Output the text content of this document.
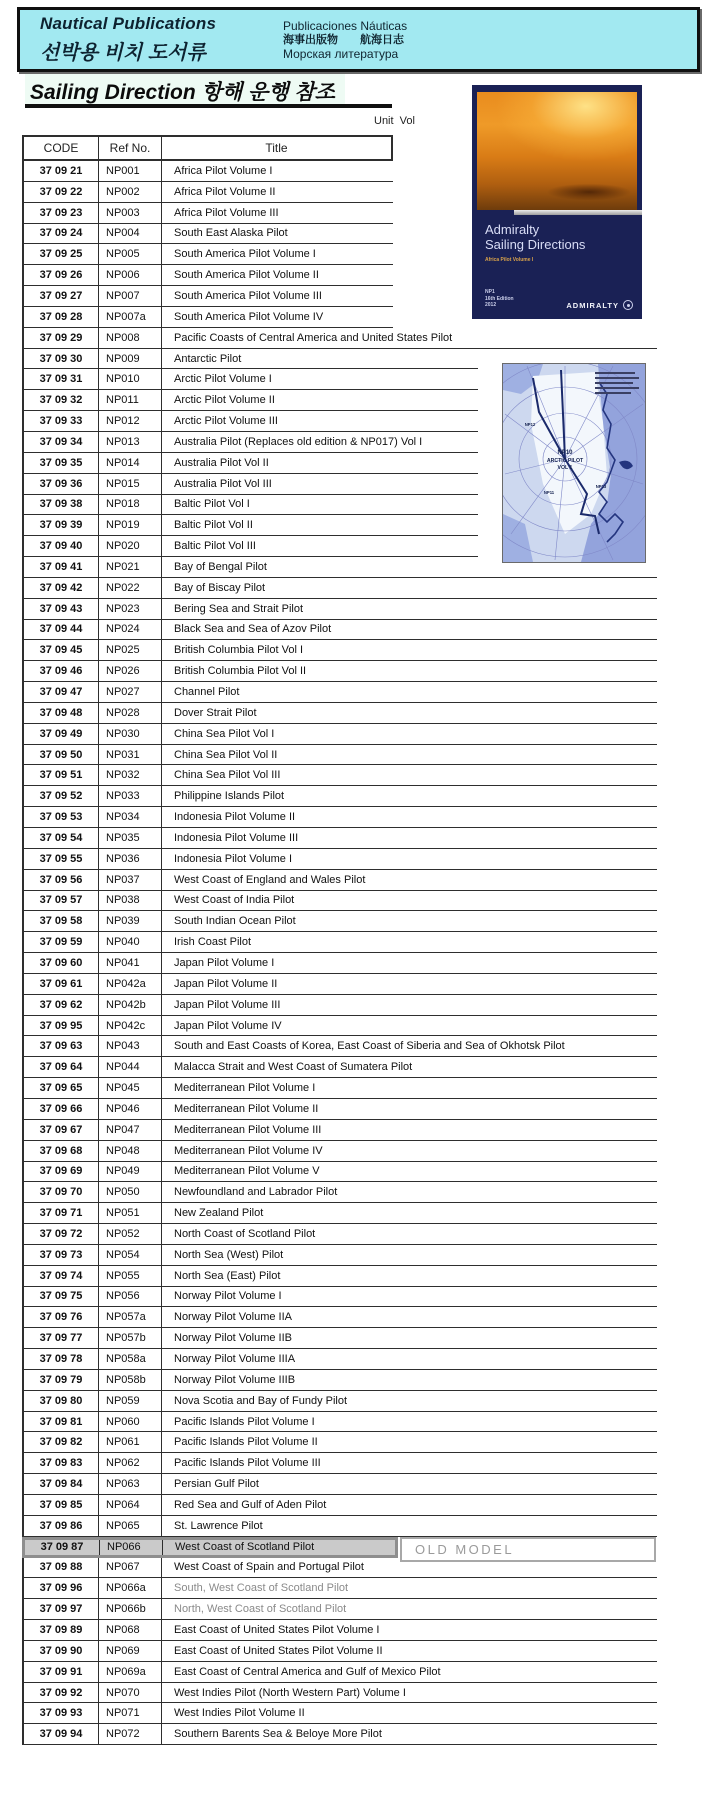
Nautical Publications
선박용 비치 도서류
Publicaciones Náuticas
海事出版物　　航海日志
Морская литература
Sailing Direction 항해 운행 참조
Unit  Vol
CODE	Ref No.	Title
37 09 21	NP001	Africa Pilot Volume I
37 09 22	NP002	Africa Pilot Volume II
37 09 23	NP003	Africa Pilot Volume III
37 09 24	NP004	South East Alaska Pilot
37 09 25	NP005	South America Pilot Volume I
37 09 26	NP006	South America Pilot Volume II
37 09 27	NP007	South America Pilot Volume III
37 09 28	NP007a	South America Pilot Volume IV
37 09 29	NP008	Pacific Coasts of Central America and United States Pilot
37 09 30	NP009	Antarctic Pilot
37 09 31	NP010	Arctic Pilot Volume I
37 09 32	NP011	Arctic Pilot Volume II
37 09 33	NP012	Arctic Pilot Volume III
37 09 34	NP013	Australia Pilot (Replaces old edition & NP017) Vol I
37 09 35	NP014	Australia Pilot Vol II
37 09 36	NP015	Australia Pilot Vol III
37 09 38	NP018	Baltic Pilot Vol I
37 09 39	NP019	Baltic Pilot Vol II
37 09 40	NP020	Baltic Pilot Vol III
37 09 41	NP021	Bay of Bengal Pilot
37 09 42	NP022	Bay of Biscay Pilot
37 09 43	NP023	Bering Sea and Strait Pilot
37 09 44	NP024	Black Sea and Sea of Azov Pilot
37 09 45	NP025	British Columbia Pilot Vol I
37 09 46	NP026	British Columbia Pilot Vol II
37 09 47	NP027	Channel Pilot
37 09 48	NP028	Dover Strait Pilot
37 09 49	NP030	China Sea Pilot Vol I
37 09 50	NP031	China Sea Pilot Vol II
37 09 51	NP032	China Sea Pilot Vol III
37 09 52	NP033	Philippine Islands Pilot
37 09 53	NP034	Indonesia Pilot Volume II
37 09 54	NP035	Indonesia Pilot Volume III
37 09 55	NP036	Indonesia Pilot Volume I
37 09 56	NP037	West Coast of England and Wales Pilot
37 09 57	NP038	West Coast of India Pilot
37 09 58	NP039	South Indian Ocean Pilot
37 09 59	NP040	Irish Coast Pilot
37 09 60	NP041	Japan Pilot Volume I
37 09 61	NP042a	Japan Pilot Volume II
37 09 62	NP042b	Japan Pilot Volume III
37 09 95	NP042c	Japan Pilot Volume IV
37 09 63	NP043	South and East Coasts of Korea, East Coast of Siberia and Sea of Okhotsk Pilot
37 09 64	NP044	Malacca Strait and West Coast of Sumatera Pilot
37 09 65	NP045	Mediterranean Pilot Volume I
37 09 66	NP046	Mediterranean Pilot Volume II
37 09 67	NP047	Mediterranean Pilot Volume III
37 09 68	NP048	Mediterranean Pilot Volume IV
37 09 69	NP049	Mediterranean Pilot Volume V
37 09 70	NP050	Newfoundland and Labrador Pilot
37 09 71	NP051	New Zealand Pilot
37 09 72	NP052	North Coast of Scotland Pilot
37 09 73	NP054	North Sea (West) Pilot
37 09 74	NP055	North Sea (East) Pilot
37 09 75	NP056	Norway Pilot Volume I
37 09 76	NP057a	Norway Pilot Volume IIA
37 09 77	NP057b	Norway Pilot Volume IIB
37 09 78	NP058a	Norway Pilot Volume IIIA
37 09 79	NP058b	Norway Pilot Volume IIIB
37 09 80	NP059	Nova Scotia and Bay of Fundy Pilot
37 09 81	NP060	Pacific Islands Pilot Volume I
37 09 82	NP061	Pacific Islands Pilot Volume II
37 09 83	NP062	Pacific Islands Pilot Volume III
37 09 84	NP063	Persian Gulf Pilot
37 09 85	NP064	Red Sea and Gulf of Aden Pilot
37 09 86	NP065	St. Lawrence Pilot
37 09 87	NP066	West Coast of Scotland Pilot
37 09 88	NP067	West Coast of Spain and Portugal Pilot
37 09 96	NP066a	South, West Coast of Scotland Pilot
37 09 97	NP066b	North, West Coast of Scotland Pilot
37 09 89	NP068	East Coast of United States Pilot Volume I
37 09 90	NP069	East Coast of United States Pilot Volume II
37 09 91	NP069a	East Coast of Central America and Gulf of Mexico Pilot
37 09 92	NP070	West Indies Pilot (North Western Part) Volume I
37 09 93	NP071	West Indies Pilot Volume II
37 09 94	NP072	Southern Barents Sea & Beloye More Pilot
OLD MODEL
Admiralty
Sailing Directions
Africa Pilot Volume I
NP1
16th Edition
2012	ADMIRALTY
NP10
ARCTIC PILOT
VOL 1
NP12
NP11
NP13
